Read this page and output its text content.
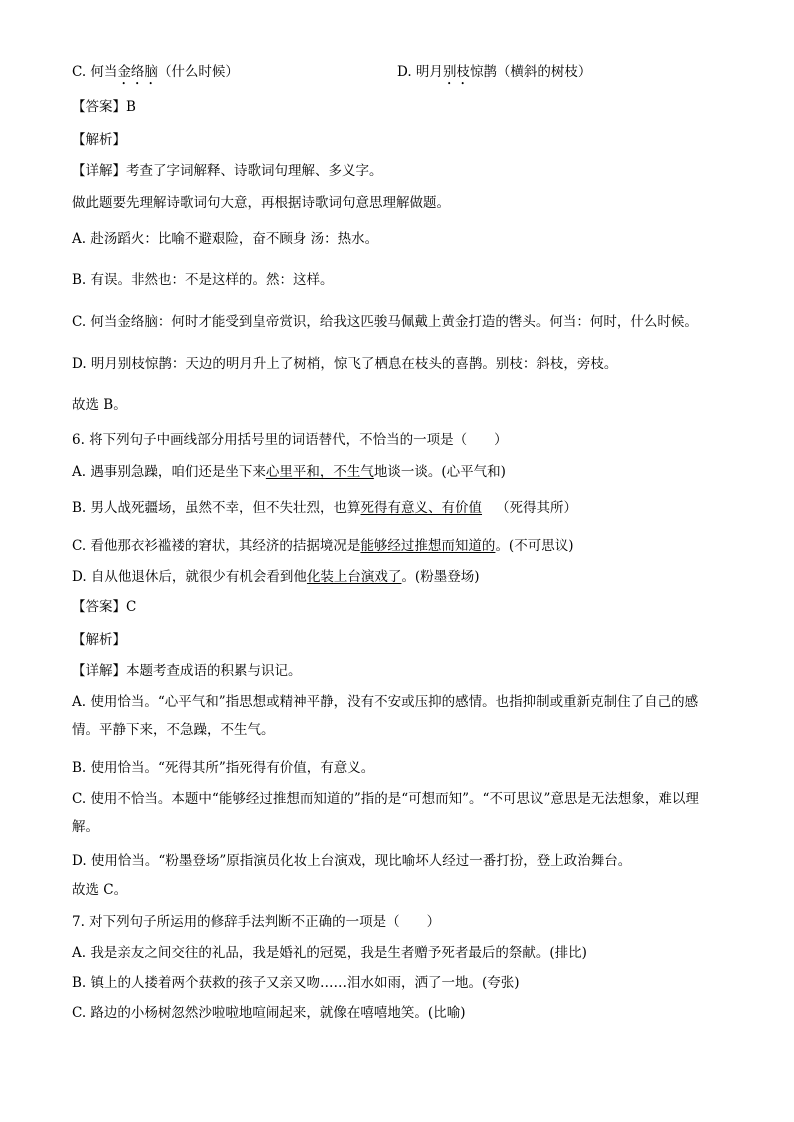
C. 何当金络脑（什么时候）	D. 明月别枝惊鹊（横斜的树枝）
【答案】B
【解析】
【详解】考查了字词解释、诗歌词句理解、多义字。
做此题要先理解诗歌词句大意，再根据诗歌词句意思理解做题。
A. 赴汤蹈火：比喻不避艰险，奋不顾身 汤：热水。
B. 有误。非然也：不是这样的。然：这样。
C. 何当金络脑：何时才能受到皇帝赏识，给我这匹骏马佩戴上黄金打造的辔头。何当：何时，什么时候。
D. 明月别枝惊鹊：天边的明月升上了树梢，惊飞了栖息在枝头的喜鹊。别枝：斜枝，旁枝。
故选 B。
6. 将下列句子中画线部分用括号里的词语替代，不恰当的一项是（　　）
A. 遇事别急躁，咱们还是坐下来心里平和，不生气地谈一谈。(心平气和)
B. 男人战死疆场，虽然不幸，但不失壮烈，也算死得有意义、有价值 （死得其所）
C. 看他那衣衫褴褛的窘状，其经济的拮据境况是能够经过推想而知道的。(不可思议)
D. 自从他退休后，就很少有机会看到他化装上台演戏了。(粉墨登场)
【答案】C
【解析】
【详解】本题考查成语的积累与识记。
A. 使用恰当。“心平气和”指思想或精神平静，没有不安或压抑的感情。也指抑制或重新克制住了自己的感情。平静下来，不急躁，不生气。
B. 使用恰当。“死得其所”指死得有价值，有意义。
C. 使用不恰当。本题中“能够经过推想而知道的”指的是“可想而知”。“不可思议”意思是无法想象，难以理解。
D. 使用恰当。“粉墨登场”原指演员化妆上台演戏，现比喻坏人经过一番打扮，登上政治舞台。
故选 C。
7. 对下列句子所运用的修辞手法判断不正确的一项是（　　）
A. 我是亲友之间交往的礼品，我是婚礼的冠冕，我是生者赠予死者最后的祭献。(排比)
B. 镇上的人搂着两个获救的孩子又亲又吻……泪水如雨，洒了一地。(夸张)
C. 路边的小杨树忽然沙啦啦地喧闹起来，就像在嘻嘻地笑。(比喻)
